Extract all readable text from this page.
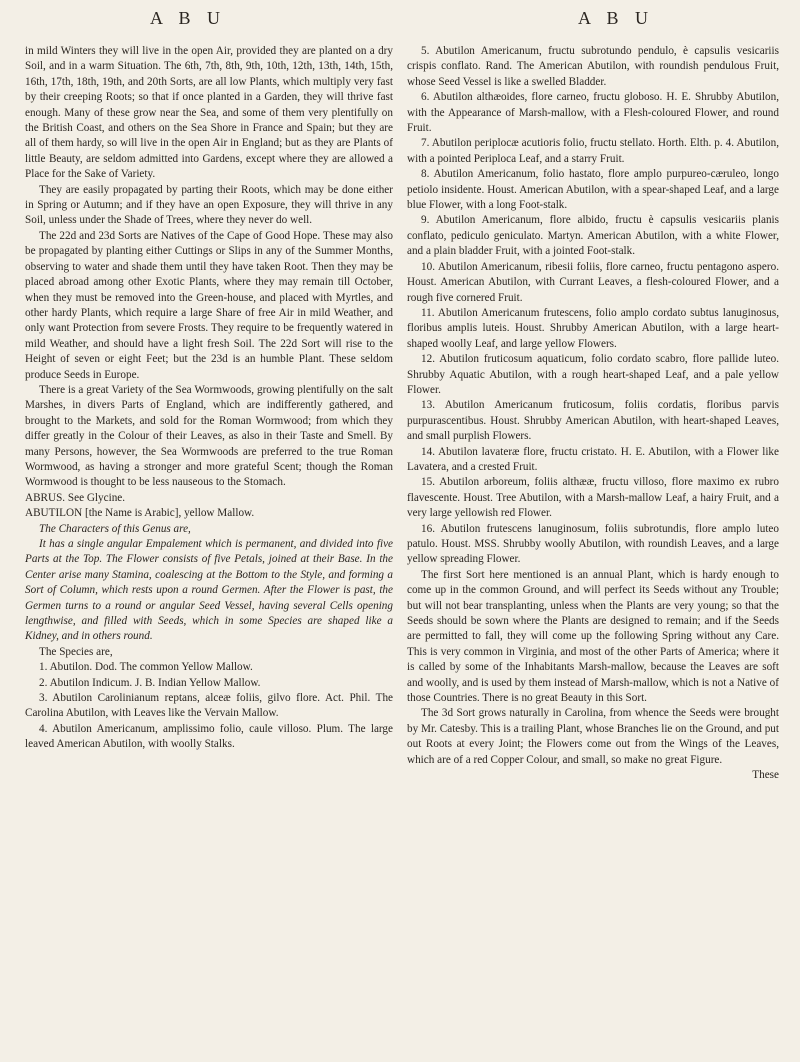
A B U	A B U

in mild Winters they will live in the open Air, provided they are planted on a dry Soil, and in a warm Situation. The 6th, 7th, 8th, 9th, 10th, 12th, 13th, 14th, 15th, 16th, 17th, 18th, 19th, and 20th Sorts, are all low Plants, which multiply very fast by their creeping Roots; so that if once planted in a Garden, they will thrive fast enough. Many of these grow near the Sea, and some of them very plentifully on the British Coast, and others on the Sea Shore in France and Spain; but they are all of them hardy, so will live in the open Air in England; but as they are Plants of little Beauty, are seldom admitted into Gardens, except where they are allowed a Place for the Sake of Variety.

They are easily propagated by parting their Roots, which may be done either in Spring or Autumn; and if they have an open Exposure, they will thrive in any Soil, unless under the Shade of Trees, where they never do well.

The 22d and 23d Sorts are Natives of the Cape of Good Hope. These may also be propagated by planting either Cuttings or Slips in any of the Summer Months, observing to water and shade them until they have taken Root. Then they may be placed abroad among other Exotic Plants, where they may remain till October, when they must be removed into the Green-house, and placed with Myrtles, and other hardy Plants, which require a large Share of free Air in mild Weather, and only want Protection from severe Frosts. They require to be frequently watered in mild Weather, and should have a light fresh Soil. The 22d Sort will rise to the Height of seven or eight Feet; but the 23d is an humble Plant. These seldom produce Seeds in Europe.

There is a great Variety of the Sea Wormwoods, growing plentifully on the salt Marshes, in divers Parts of England, which are indifferently gathered, and brought to the Markets, and sold for the Roman Wormwood; from which they differ greatly in the Colour of their Leaves, as also in their Taste and Smell. By many Persons, however, the Sea Wormwoods are preferred to the true Roman Wormwood, as having a stronger and more grateful Scent; though the Roman Wormwood is thought to be less nauseous to the Stomach.

ABRUS. See Glycine.

ABUTILON [the Name is Arabic], yellow Mallow.

The Characters of this Genus are,

It has a single angular Empalement which is permanent, and divided into five Parts at the Top. The Flower consists of five Petals, joined at their Base. In the Center arise many Stamina, coalescing at the Bottom to the Style, and forming a Sort of Column, which rests upon a round Germen. After the Flower is past, the Germen turns to a round or angular Seed Vessel, having several Cells opening lengthwise, and filled with Seeds, which in some Species are shaped like a Kidney, and in others round.

The Species are,

1. Abutilon. Dod. The common Yellow Mallow.

2. Abutilon Indicum. J. B. Indian Yellow Mallow.

3. Abutilon Carolinianum reptans, alceæ foliis, gilvo flore. Act. Phil. The Carolina Abutilon, with Leaves like the Vervain Mallow.

4. Abutilon Americanum, amplissimo folio, caule villoso. Plum. The large leaved American Abutilon, with woolly Stalks.

5. Abutilon Americanum, fructu subrotundo pendulo, è capsulis vesicariis crispis conflato. Rand. The American Abutilon, with roundish pendulous Fruit, whose Seed Vessel is like a swelled Bladder.

6. Abutilon althæoides, flore carneo, fructu globoso. H. E. Shrubby Abutilon, with the Appearance of Marsh-mallow, with a Flesh-coloured Flower, and round Fruit.

7. Abutilon periplocæ acutioris folio, fructu stellato. Horth. Elth. p. 4. Abutilon, with a pointed Periploca Leaf, and a starry Fruit.

8. Abutilon Americanum, folio hastato, flore amplo purpureo-cæruleo, longo petiolo insidente. Houst. American Abutilon, with a spear-shaped Leaf, and a large blue Flower, with a long Foot-stalk.

9. Abutilon Americanum, flore albido, fructu è capsulis vesicariis planis conflato, pediculo geniculato. Martyn. American Abutilon, with a white Flower, and a plain bladder Fruit, with a jointed Foot-stalk.

10. Abutilon Americanum, ribesii foliis, flore carneo, fructu pentagono aspero. Houst. American Abutilon, with Currant Leaves, a flesh-coloured Flower, and a rough five cornered Fruit.

11. Abutilon Americanum frutescens, folio amplo cordato subtus lanuginosus, floribus amplis luteis. Houst. Shrubby American Abutilon, with a large heart-shaped woolly Leaf, and large yellow Flowers.

12. Abutilon fruticosum aquaticum, folio cordato scabro, flore pallide luteo. Shrubby Aquatic Abutilon, with a rough heart-shaped Leaf, and a pale yellow Flower.

13. Abutilon Americanum fruticosum, foliis cordatis, floribus parvis purpurascentibus. Houst. Shrubby American Abutilon, with heart-shaped Leaves, and small purplish Flowers.

14. Abutilon lavateræ flore, fructu cristato. H. E. Abutilon, with a Flower like Lavatera, and a crested Fruit.

15. Abutilon arboreum, foliis althææ, fructu villoso, flore maximo ex rubro flavescente. Houst. Tree Abutilon, with a Marsh-mallow Leaf, a hairy Fruit, and a very large yellowish red Flower.

16. Abutilon frutescens lanuginosum, foliis subrotundis, flore amplo luteo patulo. Houst. MSS. Shrubby woolly Abutilon, with roundish Leaves, and a large yellow spreading Flower.

The first Sort here mentioned is an annual Plant, which is hardy enough to come up in the common Ground, and will perfect its Seeds without any Trouble; but will not bear transplanting, unless when the Plants are very young; so that the Seeds should be sown where the Plants are designed to remain; and if the Seeds are permitted to fall, they will come up the following Spring without any Care. This is very common in Virginia, and most of the other Parts of America; where it is called by some of the Inhabitants Marsh-mallow, because the Leaves are soft and woolly, and is used by them instead of Marsh-mallow, which is not a Native of those Countries. There is no great Beauty in this Sort.

The 3d Sort grows naturally in Carolina, from whence the Seeds were brought by Mr. Catesby. This is a trailing Plant, whose Branches lie on the Ground, and put out Roots at every Joint; the Flowers come out from the Wings of the Leaves, which are of a red Copper Colour, and small, so make no great Figure.

These
